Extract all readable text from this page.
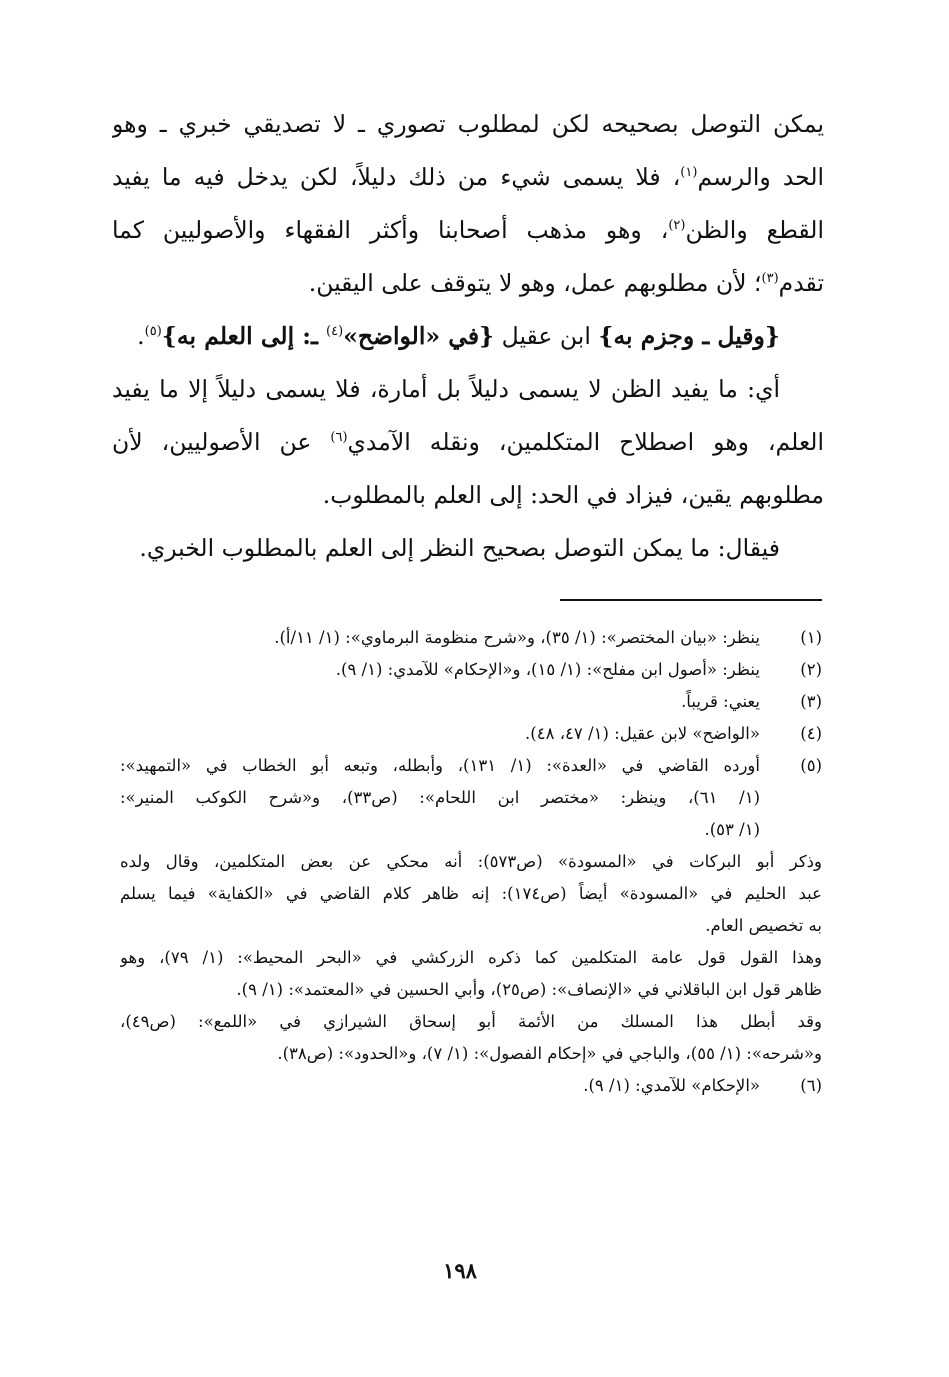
يمكن التوصل بصحيحه لكن لمطلوب تصوري ـ لا تصديقي خبري ـ وهو
الحد والرسم$^{(١)}$، فلا يسمى شيء من ذلك دليلاً، لكن يدخل فيه ما يفيد
القطع والظن$^{(٢)}$، وهو مذهب أصحابنا وأكثر الفقهاء والأصوليين كما
تقدم$^{(٣)}$؛ لأن مطلوبهم عمل، وهو لا يتوقف على اليقين.
{وقيل ـ وجزم به} ابن عقيل {في «الواضح»$^{(٤)}$ ـ: إلى العلم به}$^{(٥)}$.
أي: ما يفيد الظن لا يسمى دليلاً بل أمارة، فلا يسمى دليلاً إلا ما يفيد
العلم، وهو اصطلاح المتكلمين، ونقله الآمدي$^{(٦)}$ عن الأصوليين، لأن
مطلوبهم يقين، فيزاد في الحد: إلى العلم بالمطلوب.
فيقال: ما يمكن التوصل بصحيح النظر إلى العلم بالمطلوب الخبري.
(١)
ينظر: «بيان المختصر»: (١/ ٣٥)، و«شرح منظومة البرماوي»: (١/ ١١/أ).
(٢)
ينظر: «أصول ابن مفلح»: (١/ ١٥)، و«الإحكام» للآمدي: (١/ ٩).
(٣)
يعني: قريباً.
(٤)
«الواضح» لابن عقيل: (١/ ٤٧، ٤٨).
(٥)
أورده القاضي في «العدة»: (١/ ١٣١)، وأبطله، وتبعه أبو الخطاب في «التمهيد»:
(١/ ٦١)، وينظر: «مختصر ابن اللحام»: (ص٣٣)، و«شرح الكوكب المنير»:
(١/ ٥٣).
وذكر أبو البركات في «المسودة» (ص٥٧٣): أنه محكي عن بعض المتكلمين، وقال ولده
عبد الحليم في «المسودة» أيضاً (ص١٧٤): إنه ظاهر كلام القاضي في «الكفاية» فيما يسلم
به تخصيص العام.
وهذا القول قول عامة المتكلمين كما ذكره الزركشي في «البحر المحيط»: (١/ ٧٩)، وهو
ظاهر قول ابن الباقلاني في «الإنصاف»: (ص٢٥)، وأبي الحسين في «المعتمد»: (١/ ٩).
وقد أبطل هذا المسلك من الأئمة أبو إسحاق الشيرازي في «اللمع»: (ص٤٩)،
و«شرحه»: (١/ ٥٥)، والباجي في «إحكام الفصول»: (١/ ٧)، و«الحدود»: (ص٣٨).
(٦)
«الإحكام» للآمدي: (١/ ٩).
١٩٨
